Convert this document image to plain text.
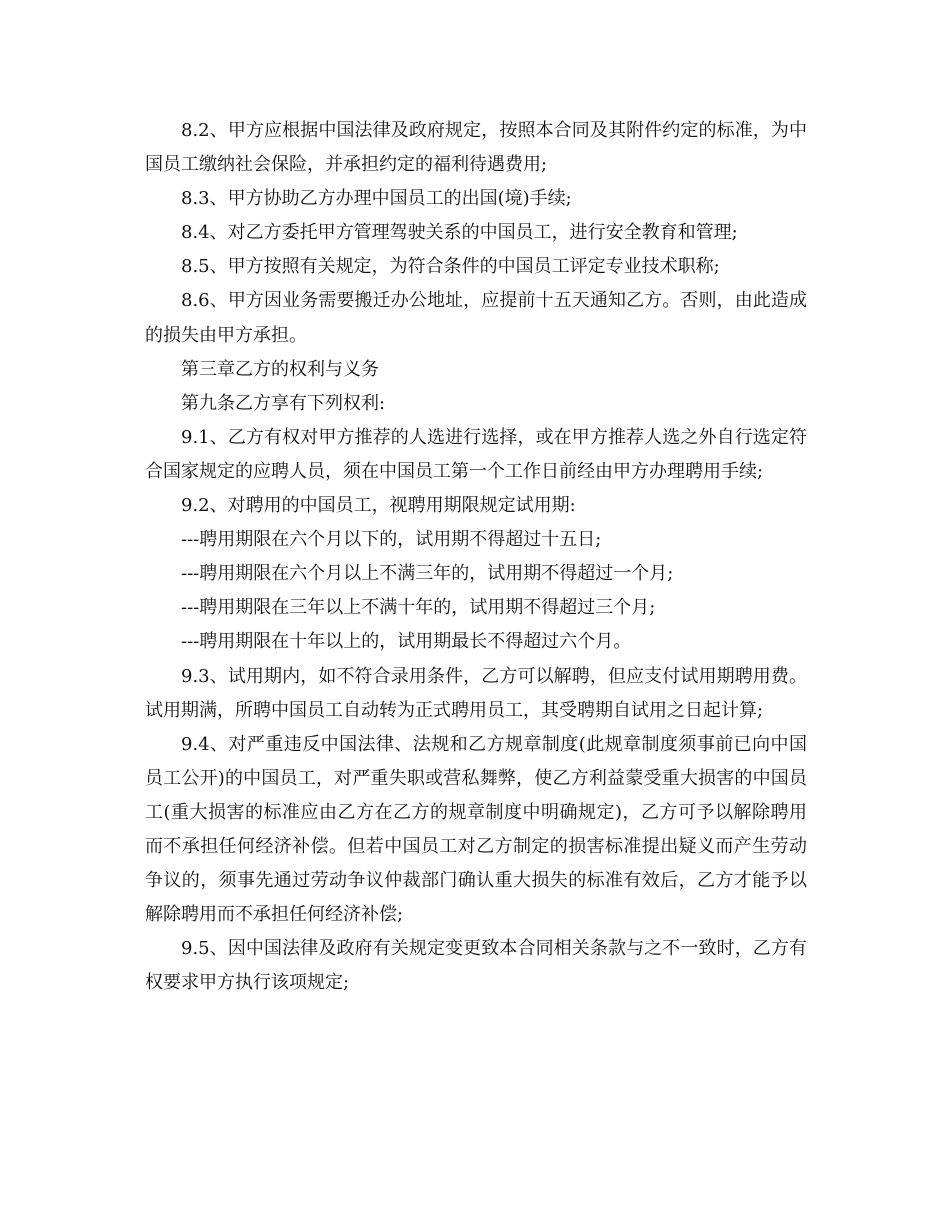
8.2、甲方应根据中国法律及政府规定，按照本合同及其附件约定的标准，为中国员工缴纳社会保险，并承担约定的福利待遇费用;

8.3、甲方协助乙方办理中国员工的出国(境)手续;

8.4、对乙方委托甲方管理驾驶关系的中国员工，进行安全教育和管理;

8.5、甲方按照有关规定，为符合条件的中国员工评定专业技术职称;

8.6、甲方因业务需要搬迁办公地址，应提前十五天通知乙方。否则，由此造成的损失由甲方承担。

第三章乙方的权利与义务

第九条乙方享有下列权利:

9.1、乙方有权对甲方推荐的人选进行选择，或在甲方推荐人选之外自行选定符合国家规定的应聘人员，须在中国员工第一个工作日前经由甲方办理聘用手续;

9.2、对聘用的中国员工，视聘用期限规定试用期:

---聘用期限在六个月以下的，试用期不得超过十五日;

---聘用期限在六个月以上不满三年的，试用期不得超过一个月;

---聘用期限在三年以上不满十年的，试用期不得超过三个月;

---聘用期限在十年以上的，试用期最长不得超过六个月。

9.3、试用期内，如不符合录用条件，乙方可以解聘，但应支付试用期聘用费。试用期满，所聘中国员工自动转为正式聘用员工，其受聘期自试用之日起计算;

9.4、对严重违反中国法律、法规和乙方规章制度(此规章制度须事前已向中国员工公开)的中国员工，对严重失职或营私舞弊，使乙方利益蒙受重大损害的中国员工(重大损害的标准应由乙方在乙方的规章制度中明确规定)，乙方可予以解除聘用而不承担任何经济补偿。但若中国员工对乙方制定的损害标准提出疑义而产生劳动争议的，须事先通过劳动争议仲裁部门确认重大损失的标准有效后，乙方才能予以解除聘用而不承担任何经济补偿;

9.5、因中国法律及政府有关规定变更致本合同相关条款与之不一致时，乙方有权要求甲方执行该项规定;
